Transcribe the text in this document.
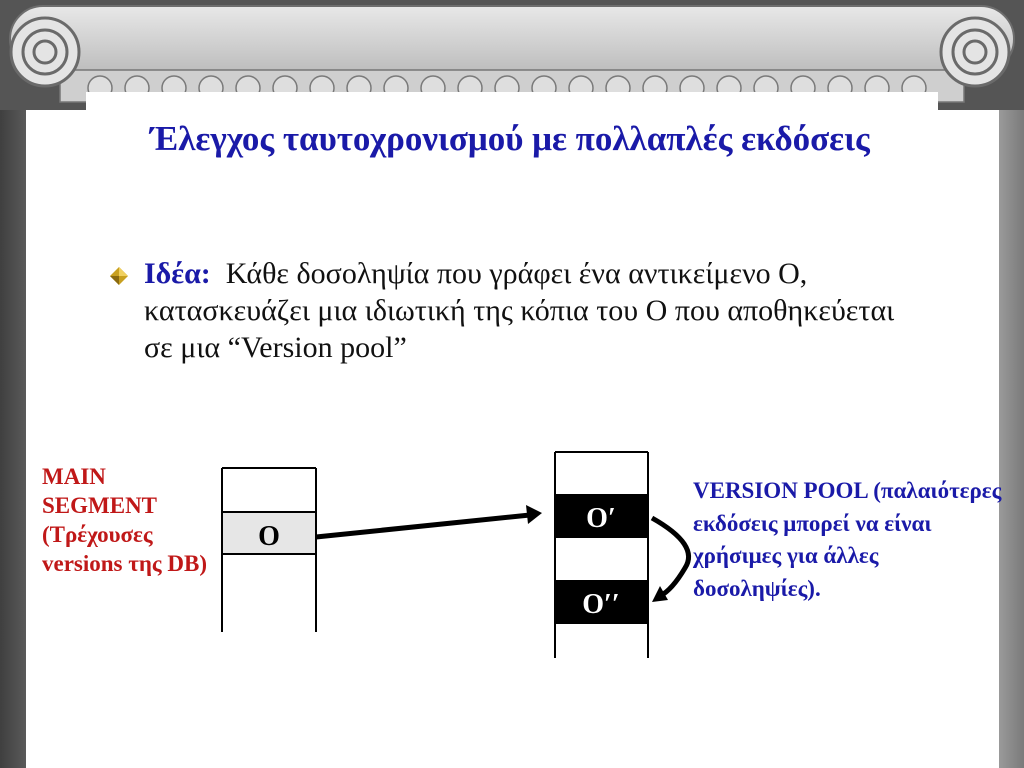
Έλεγχος ταυτοχρονισμού με πολλαπλές εκδόσεις
Ιδέα: Κάθε δοσοληψία που γράφει ένα αντικείμενο Ο, κατασκευάζει μια ιδιωτική της κόπια του Ο που αποθηκεύεται σε μια “Version pool”
MAIN SEGMENT (Τρέχουσες versions της DB)
VERSION POOL (παλαιότερες εκδόσεις μπορεί να είναι χρήσιμες για άλλες δοσοληψίες).
O
O′
O′′
